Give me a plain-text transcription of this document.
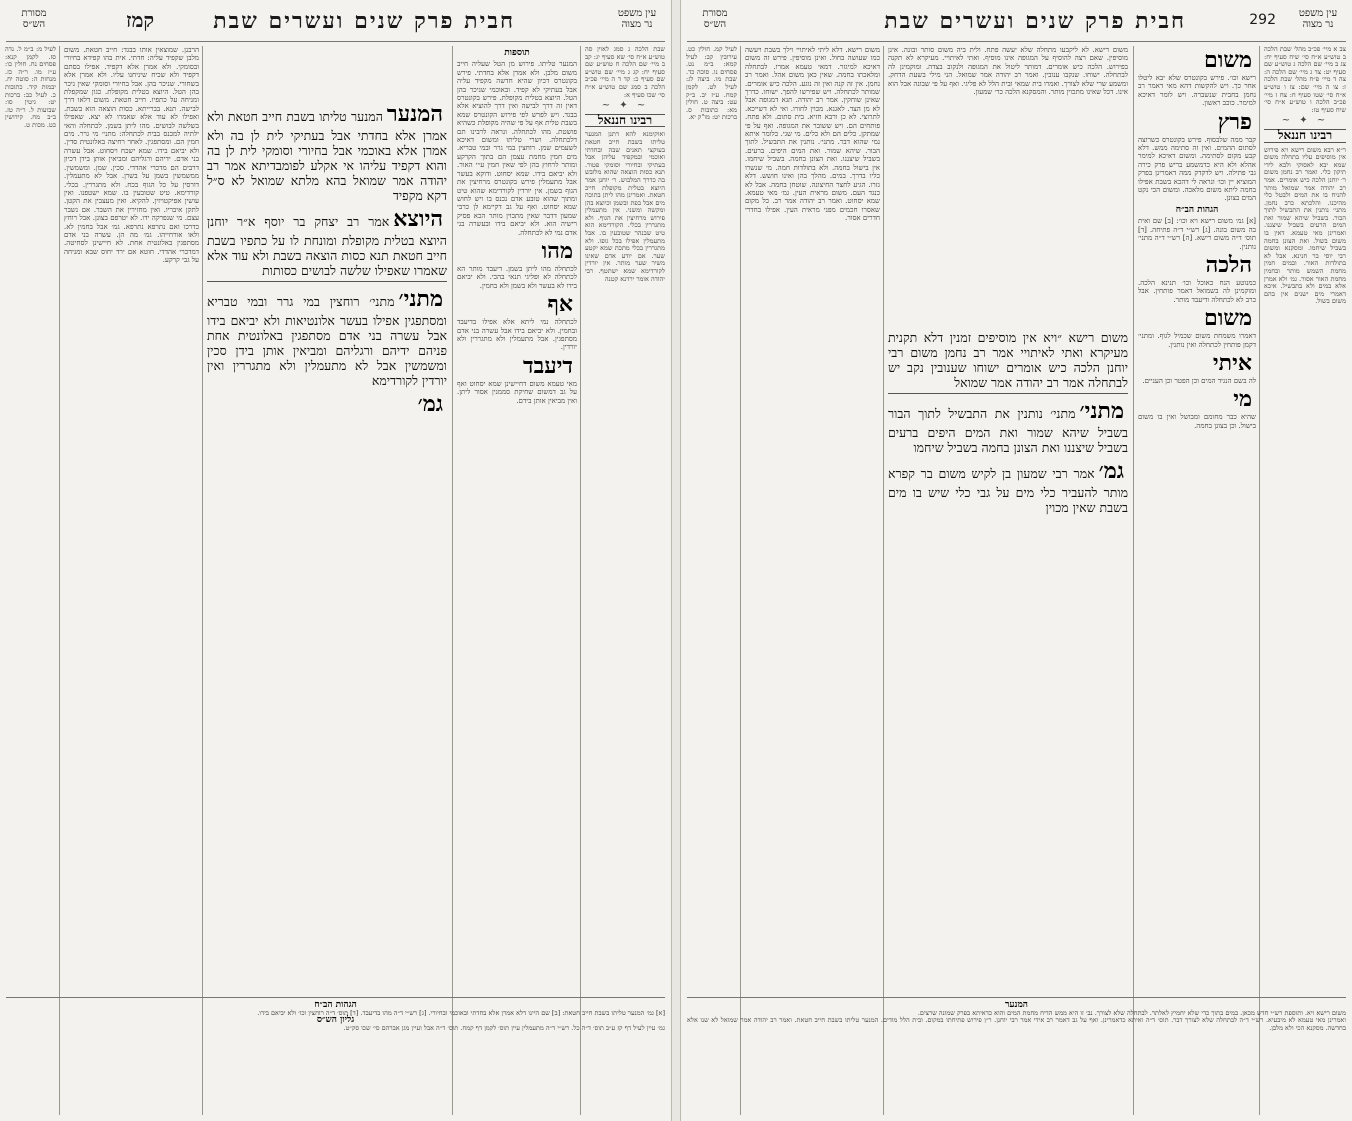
עין משפט
נר מצוה
חבית פרק שנים ועשרים שבת
קמז
מסורת
הש״ס
שבת הלכה ג סמג לאוין סה טוש״ע א״ח סי׳ שא סעיף יג: קב ב מיי׳ שם הלכה ח טוש״ע שם סעיף יח: קג ג מיי׳ שם טוש״ע שם סעיף כ: קד ד ה מיי׳ פכ״ב הלכה ב סמג שם טוש״ע א״ח סי׳ שכו סעיף א:
~ ✦ ~
רבינו חננאל
ואוקימנא להא דתנן המנער טליתו בשבת חייב חטאת בעוקצי תאנים שבה ובחדתי ואוכמי ובמקפיד עליהן אבל בעתיקי ובחיורי וסומקי פטור. תנא כסות הוצאה שהוא מלובש בה כדרך המלבוש. ר׳ יוחנן אמר היוצא בטלית מקופלת חייב חטאת. ואמרינן מהו ליתן בתוכה מים אבל בפת ובשמן וכיוצא בהן ומקשה ומשני. אין מתעמלין פירוש מרחיצין את הגוף. ולא מתגררין בכלי. הקורדימא הוא טיט שבנהר שטובעין בו. אבל מתעמלין אפילו בכל גופו. ולא מתגררין בכלי מתכת שמא יקטע שער. אם יודע אדם שאינו משיר שער מותר. אין יורדין לקורדימא שמא ישתטף. רבי יהודה אומר ירדנא קטנה
תוספות
המנער טליתו. פירוש מן הטל שעליה חייב משום מלבן. ולא אמרן אלא בחדתי. פירש בקונטרס דכיון שהיא חדשה מקפיד עליה אבל בעתיקי לא קפיד. ובאוכמי שניכר בהן הטל. היוצא בטלית מקופלת. פירש בקונטרס דאין זה דרך לבישה ואין דרך להוציא אלא בבגד. ויש לפרש לפי פירוש הקונטרס שמא בשבת טלית אף על פי שהיה מקופלת כשהיא פושטת. מהו לכתחלה. ונראה לרבינו תם דלכתחלה. ושרי טליתו ומשום דאיכא לשעמים שמן. רוחצין במי גרר ובמי טבריא. מים חמין מחמת עצמן הם בתוך הקרקע ומותר לרחוץ בהן לפי שאין חמין ע״י האור. ולא יביאם בידו. שמא יסחוט. ודוקא בעשר אבל מתעמלין פירש בקונטרס מרחיצין את הגוף בשמן. אין יורדין לקורדימא שהוא טיט ומתוך שהוא טובע אדם נכנס בו ויש לחוש שמא יסחוט. ואף על גב דקיימא לן כרבי שמעון דדבר שאין מתכוין מותר הכא פסיק רישיה הוא. ולא יביאם בידו ובעשרה בני אדם נמי לא לכתחלה.
מהו
לכתחלה מהו ליתן בשמן. דיעבד מותר הא לכתחלה לא ופליגי תנאי בהכי. ולא יביאם בידו לא בעשר ולא בשמן ולא בחמין.
אף
לכתחלה נמי ליתא אלא אפילו בדיעבד ובחמין. ולא יביאם בידו אבל עשרה בני אדם מסתפגין. אבל מתעמלין ולא מתגררין ולא יורדין.
דיעבד
מאי טעמא משום דחיישינן שמא יסחוט ואף על גב דמשום שחיקת סממנין אסור ליתן. ואין מביאין אותן בידם.

המנערהמנער טליתו בשבת חייב חטאת ולא אמרן אלא בחדתי אבל בעתיקי לית לן בה ולא אמרן אלא באוכמי אבל בחיורי וסומקי לית לן בה והוא דקפיד עליהו אי אקלע לפומבדיתא אמר רב יהודה אמר שמואל בהא מלתא שמואל לא ס״ל דקא מקפיד

היוצאאמר רב יצחק בר יוסף א״ר יוחנן היוצא בטלית מקופלת ומונחת לו על כתפיו בשבת חייב חטאת תנא כסות הוצאה בשבת ולא עוד אלא שאמרו שאפילו שלשה לבושים כסותות

מתני׳מתני׳ רוחצין במי גרר ובמי טבריא ומסתפגין אפילו בעשר אלונטיאות ולא יביאם בידו אבל עשרה בני אדם מסתפגין באלונטית אחת פניהם ידיהם ורגליהם ומביאין אותן בידן סכין ומשמשין אבל לא מתעמלין ולא מתגררין ואין יורדין לקורדימא

גמ׳

הרבנן. שמוצאין אותו בבגד: חייב חטאת. משום מלבן שקפיד עליה: חדתי. אית בהו קפידא בחיורי ובסומקי. ולא אמרן אלא דקפיד. אפילו בסתם דקפיד ולא שכיח שיניחנו עליו. ולא אמרן אלא בשחורי. שניכר בהן. אבל בחיורי וסומקי שאין ניכר בהן הטל. היוצא בטלית מקופלת. כגון שמקפלת ומניחה על כתפיו. חייב חטאת. משום דלאו דרך לבישה. תנא. בברייתא. כסות הוצאה הוא בשבת. ואפילו לא עוד אלא שאמרו לא יצא. שאפילו בשלשה לבושים. מהו ליתן בשמן. לכתחלה והאי ילתיה למכנס בבית לכתחלה: מתני׳ מי גרר. מים חמין הם. ומסתפגין. לאחר רחיצה באלונטית סדין. ולא יביאם בידו. שמא ישכח ויסחוט. אבל עשרה בני אדם. ידיהם ורגליהם ומביאין אותן בידן דכיון דרבים הם מדכרי אהדדי. סכין. שמן. ומשמשין. ממשמשין בשמן על בשרן. אבל לא מתעמלין. דורסין על כל הגוף בכח. ולא מתגררין. בכלי. קורדימא. טיט שטובעין בו. שמא ישטפנו. ואין עושין אפיקטויזין. להקיא. ואין מעצבין את הקטן. לתקן איבריו. ואין מחזירין את השבר. אם נשבר עצם. מי שנפרקה ידו. לא יטרפם בצונן. אבל רוחץ כדרכו ואם נתרפא נתרפא. גמ׳ אבל בחמין לא. ולאו אורחייהו. גמ׳ מה הן. עשרה בני אדם מסתפגין באלונטית אחת. לא חיישינן לסחיטה. דמדכרי אהדדי. חוטא אם ירד יחוס שבא ומניחה על גבי קרקע.
לעיל מ: ב״מ ל. נדה סז. לקמן קנא: פסחים נח. חולין כו: ע״ז מו. ר״ה כז. מנחות ה: סוטה יח. יבמות קיד. כתובות כ. לעיל כב: ברכות יט: גיטין סו: שבועות ל. ר״ה טז. ב״ב מח. קידושין כט. מכות ט.
הגהות הב״ח
[א] גמ׳ המנער טליתו בשבת חייב חטאת: [ב] שם היינו דלא אמרן אלא בחדתי ובאוכמי ובחיורי. [ג] רש״י ד״ה מהו בדיעבד. [ד] תוס׳ ד״ה רוחצין וכו׳ ולא יביאם בידו.
גליון הש״ס
גמ׳ עיין לעיל דף קז ע״ב תוס׳ ד״ה כל. רש״י ד״ה מתעמלין עיין תוס׳ לקמן דף קמח. תוס׳ ד״ה אבל ועיין מגן אברהם סי׳ שכו סק״ט.
עין משפט
נר מצוה
292
חבית פרק שנים ועשרים שבת
מסורת
הש״ס
צב א מיי׳ פכ״ב מהל׳ שבת הלכה ב טוש״ע א״ח סי׳ שיח סעיף יח: צג ב מיי׳ שם הלכה ג טוש״ע שם סעיף יט: צד ג מיי׳ שם הלכה ה: צה ד מיי׳ פ״ח מהל׳ שבת הלכה ז: צו ה מיי׳ שם: צז ו טוש״ע א״ח סי׳ שטו סעיף ח: צח ז מיי׳ פכ״ב הלכה ו טוש״ע א״ח סי׳ שיח סעיף טז:
~ ✦ ~
רבינו חננאל
ר״א רבא משום רישא ויא פירוש אין מוסיפים עליו בתחלה משום שמא יבא לאסוקי ולבא לידי תיקון כלי. ואמר רב נחמן משום ר׳ יוחנן הלכה כיש אומרים. אמר רב יהודה אמר שמואל מותר להניח בו את המים ולבטל כלי מהיכנו. והלכתא כרב נחמן. מתני׳ נותנין את התבשיל לתוך הבור. בשביל שיהא שמור ואת המים הרעים בשביל שיצננו. ואמרינן מאי טעמא. דאין בו משום בשול. ואת הצונן בחמה בשביל שיחמו. ומסקנא ומשום רבי יוסי בר חנינא. אבל לא בתולדות האור. ובמים חמין מחמת השמש מותר ובחמין מחמת האור אסור. גמ׳ ולא אמרן אלא במים ולא בתבשיל. איכא דאמרי מים ישנים אין בהם משום בשול.
משום
רישא וכו׳. פירש בקונטרס שלא יבא ליטלו אחר כך. ויש להקשות דהא מאי דאמר רב נחמן בחבית שנשברה. ויש לומר דאיכא למימר. כוכב ראשון.
פרץ
קבר ממה שלבסוף. פירש בקונטרס כשרוצה לסתום ההמים. ואין זה סתימה ממש. דלא קבע מקום לסתימה. ומשום דאיכא למימר אהלא ולא היא כדמשמע בריש פרק כירה גבי פתילה. ויש לדקדק ממה דאמרינן בפרק המוציא יין וכו׳ ונראה לי דהכא בשבת אפילו בחמה ליתא משום מלאכה. ומשום הכי נקט המים בצונן.
הגהות הב״ח
[א] גמ׳ משום רישא ויא וכו׳: [ב] שם ואית בה משום בונה. [ג] רש״י ד״ה פתיחה. [ד] תוס׳ ד״ה משום רישא. [ה] רש״י ד״ה מתני׳ נותנין.
הלכה
כמנוטע הנח כאוכל וכו׳ תנינא הלכה. ומוקמינן לה בשמואל דאמר פותחין. אבל כרב לא לכתחלה ודיעבד מותר.
משום
דאמרו משמחת משום שכמיל לגוף. ומתני׳ דקמן פותחין לכתחלה ואין נותנין.
איתי
לה בשם הנגיד המים וכן הפטר וכן העניים.
מי
שהיא כבר מחומם ומבושל ואין בו משום בישול. וכן בצונן בחמה.

משום רישא ״ויא אין מוסיפים זמנין דלא תקנית מעיקרא ואתי לאיתויי אמר רב נחמן משום רבי יוחנן הלכה כיש אומרים ישוחו שענובין נקב יש לבתחלה אמר רב יהודה אמר שמואל

מתני׳מתני׳ נותנין את התבשיל לתוך הבור בשביל שיהא שמור ואת המים היפים ברעים בשביל שיצננו ואת הצונן בחמה בשביל שיחמו

גמ׳אמר רבי שמעון בן לקיש משום בר קפרא מותר להעביר כלי מים על גבי כלי שיש בו מים בשבת שאין מכוין

משום רישא. לא ליקבעו מתחלה שלא יעשה פתח. ולית ביה משום סותר ובונה. אינן מוסיפין. שאם רצה להוסיף על המגופה אינו מוסיף. ואתי לאיתויי. מעיקרא לא תקנה בפירוש. הלכה כיש אומרים. דמותר ליטול את המגופה ולנקוב בצדה. ומוקמינן לה לבתחלה. ישוחו. שנקבו ענובין. ואמר רב יהודה אמר שמואל. הני מילי בשעת הדחק. ומשמע שרי שלא לצורך. ואמרו בית שמאי ובית הלל לא פליגי. ואף על פי שבונה אבל הוא אינו. דכל שאינו מתכוין מותר. והמסקנא הלכה כר׳ שמעון.
משום רישא. דלא ליתי לאיתויי וילך בשבת ויעשה כמו שעושה בחול. ואינן מוסיפין. פירש זה משום דאיכא למיגזר. דמאי טעמא אמרו. לבתחלה ומלאכתו בחמה. שאין כאן משום אהל. ואמר רב נחמן. אין זה קנה ואין זה נוגע. הלכה כיש אומרים. שמותר לכתחלה. ויש שפירשו להפך. ישוחו. כדרך שאינן שוחקין. אמר רב יהודה. תגא דמגופה אבל לא מן הצד. לאגנא. מכוין לחורו. ואי לא דשייכא. לתרוצי. לא כן ורבא חזיא. בית סתום. ולא פתח. פותחים הם. ויש ששובר את המגופה. ואף על פי שמתקן. כלים הם ולא כלים. מי שגי. כלומר איתא נמי שהוא דבר. מתני׳. נותנין את התבשיל. לתוך הבור. שיהא שמור. ואת המים היפים. ברעים. בשביל שיצננו. ואת הצונן בחמה. בשביל שיחמו. אין בישול בחמה. ולא בתולדות חמה. מי שנשרו כליו בדרך. במים. מהלך בהן ואינו חושש. דלא גזרו. הגיע לחצר החיצונה. שוטחן בחמה. אבל לא כנגד העם. משום מראית העין. גמ׳ מאי טעמא. שמא יסחוט. ואמר רב יהודה אמר רב. כל מקום שאסרו חכמים מפני מראית העין. אפילו בחדרי חדרים אסור.
לעיל קמ. חולין כט. עירובין קב: לעיל קמא: ב״מ נט. פסחים נו. סוכה כד. שבת מו. ביצה לג: לעיל לט. לקמן קמח. ע״ז יב. ב״ק עט: ביצה ט. חולין מא: כתובות ס. ברכות יט: מו"ק יא.
המנער
משום רישא ויא. ותוספת רש״י חדש מכאן. במים בתוך כדי שלא יחמיץ לאלתר. לבתחלה שלא לצורך. נב׳ זו היא ממש הדיח מחמת המים והוא כדאיתא בפרק שמונה שרצים.
ואמרינן מאי טעמא לא מיבעיא. רש״י ד״ה לבתחלה שלא לצורך דבר. תוס׳ ד״ה ואיתא כדאמרינן. ואף על גב דאמר רב אידי אמר רבי יוחנן. ר״ן פירוש פתיחתו במקום. ובית הלל מודים. המנער טליתו בשבת חייב חטאת. ואמר רב יהודה אמר שמואל לא שנו אלא בחדשה. מסקנא הכי ולא מלבן.
